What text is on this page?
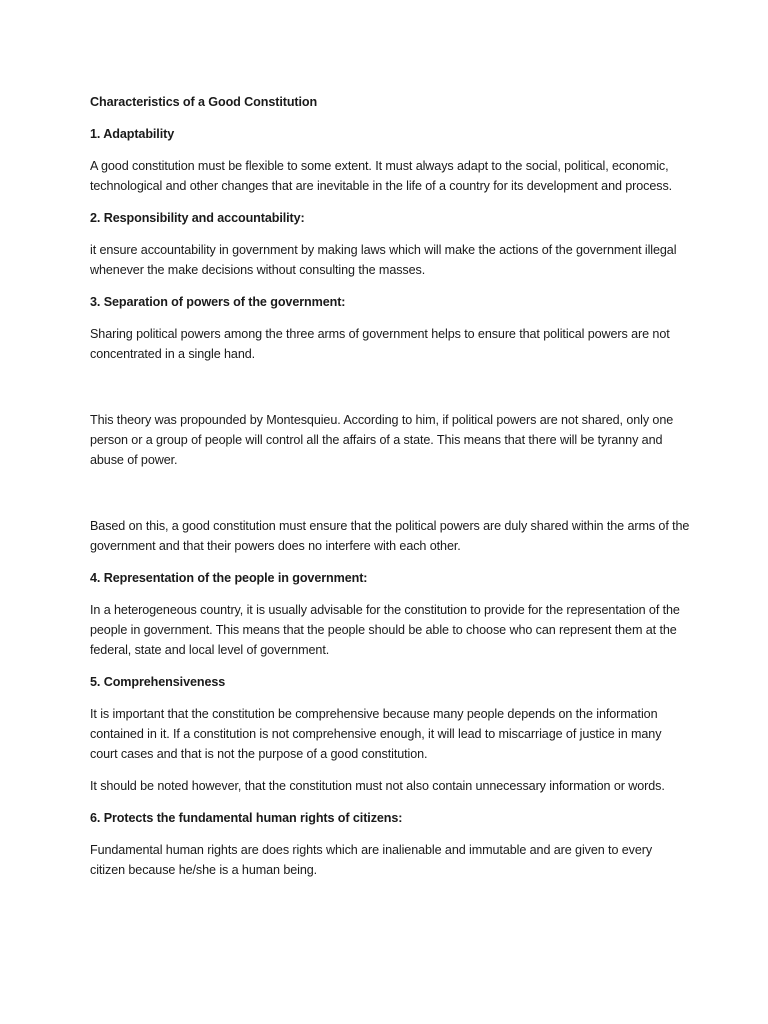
Characteristics of a Good Constitution

1. Adaptability

A good constitution must be flexible to some extent. It must always adapt to the social, political, economic, technological and other changes that are inevitable in the life of a country for its development and process.

2. Responsibility and accountability:

it ensure accountability in government by making laws which will make the actions of the government illegal whenever the make decisions without consulting the masses.

3. Separation of powers of the government:

Sharing political powers among the three arms of government helps to ensure that political powers are not concentrated in a single hand.

This theory was propounded by Montesquieu. According to him, if political powers are not shared, only one person or a group of people will control all the affairs of a state. This means that there will be tyranny and abuse of power.

Based on this, a good constitution must ensure that the political powers are duly shared within the arms of the government and that their powers does no interfere with each other.

4. Representation of the people in government:

In a heterogeneous country, it is usually advisable for the constitution to provide for the representation of the people in government. This means that the people should be able to choose who can represent them at the federal, state and local level of government.

5. Comprehensiveness

It is important that the constitution be comprehensive because many people depends on the information contained in it. If a constitution is not comprehensive enough, it will lead to miscarriage of justice in many court cases and that is not the purpose of a good constitution.

It should be noted however, that the constitution must not also contain unnecessary information or words.

6. Protects the fundamental human rights of citizens:

Fundamental human rights are does rights which are inalienable and immutable and are given to every citizen because he/she is a human being.
